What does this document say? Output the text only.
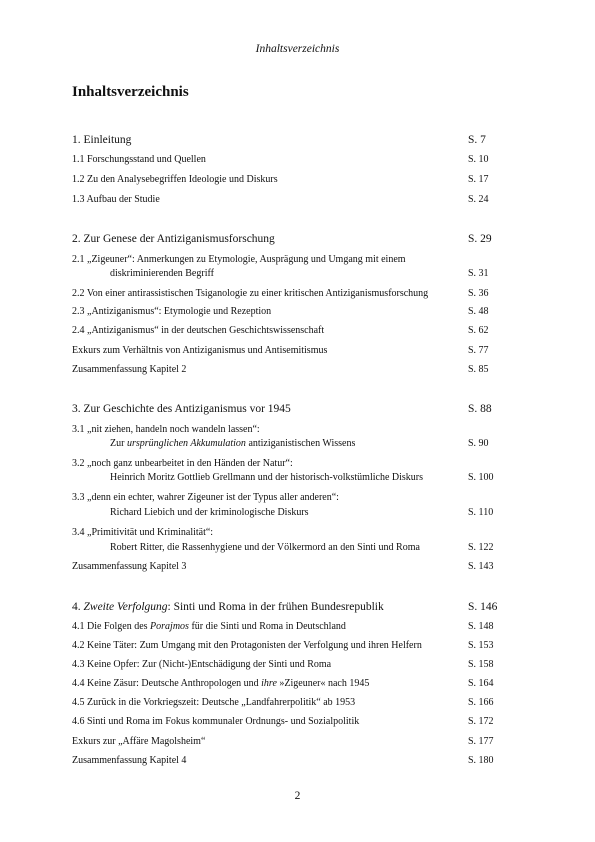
Inhaltsverzeichnis
Inhaltsverzeichnis
1. Einleitung	S. 7
1.1 Forschungsstand und Quellen	S. 10
1.2 Zu den Analysebegriffen Ideologie und Diskurs	S. 17
1.3 Aufbau der Studie	S. 24
2. Zur Genese der Antiziganismusforschung	S. 29
2.1 „Zigeuner“: Anmerkungen zu Etymologie, Ausprägung und Umgang mit einem
diskriminierenden Begriff	S. 31
2.2 Von einer antirassistischen Tsiganologie zu einer kritischen Antiziganismusforschung	S. 36
2.3 „Antiziganismus“: Etymologie und Rezeption	S. 48
2.4 „Antiziganismus“ in der deutschen Geschichtswissenschaft	S. 62
Exkurs zum Verhältnis von Antiziganismus und Antisemitismus	S. 77
Zusammenfassung Kapitel 2	S. 85
3. Zur Geschichte des Antiziganismus vor 1945	S. 88
3.1 „nit ziehen, handeln noch wandeln lassen“:
Zur ursprünglichen Akkumulation antiziganistischen Wissens	S. 90
3.2 „noch ganz unbearbeitet in den Händen der Natur“:
Heinrich Moritz Gottlieb Grellmann und der historisch-volkstümliche Diskurs	S. 100
3.3 „denn ein echter, wahrer Zigeuner ist der Typus aller anderen“:
Richard Liebich und der kriminologische Diskurs	S. 110
3.4 „Primitivität und Kriminalität“:
Robert Ritter, die Rassenhygiene und der Völkermord an den Sinti und Roma	S. 122
Zusammenfassung Kapitel 3	S. 143
4. Zweite Verfolgung: Sinti und Roma in der frühen Bundesrepublik	S. 146
4.1 Die Folgen des Porajmos für die Sinti und Roma in Deutschland	S. 148
4.2 Keine Täter: Zum Umgang mit den Protagonisten der Verfolgung und ihren Helfern	S. 153
4.3 Keine Opfer: Zur (Nicht-)Entschädigung der Sinti und Roma	S. 158
4.4 Keine Zäsur: Deutsche Anthropologen und ihre »Zigeuner« nach 1945	S. 164
4.5 Zurück in die Vorkriegszeit: Deutsche „Landfahrerpolitik“ ab 1953	S. 166
4.6 Sinti und Roma im Fokus kommunaler Ordnungs- und Sozialpolitik	S. 172
Exkurs zur „Affäre Magolsheim“	S. 177
Zusammenfassung Kapitel 4	S. 180
2
